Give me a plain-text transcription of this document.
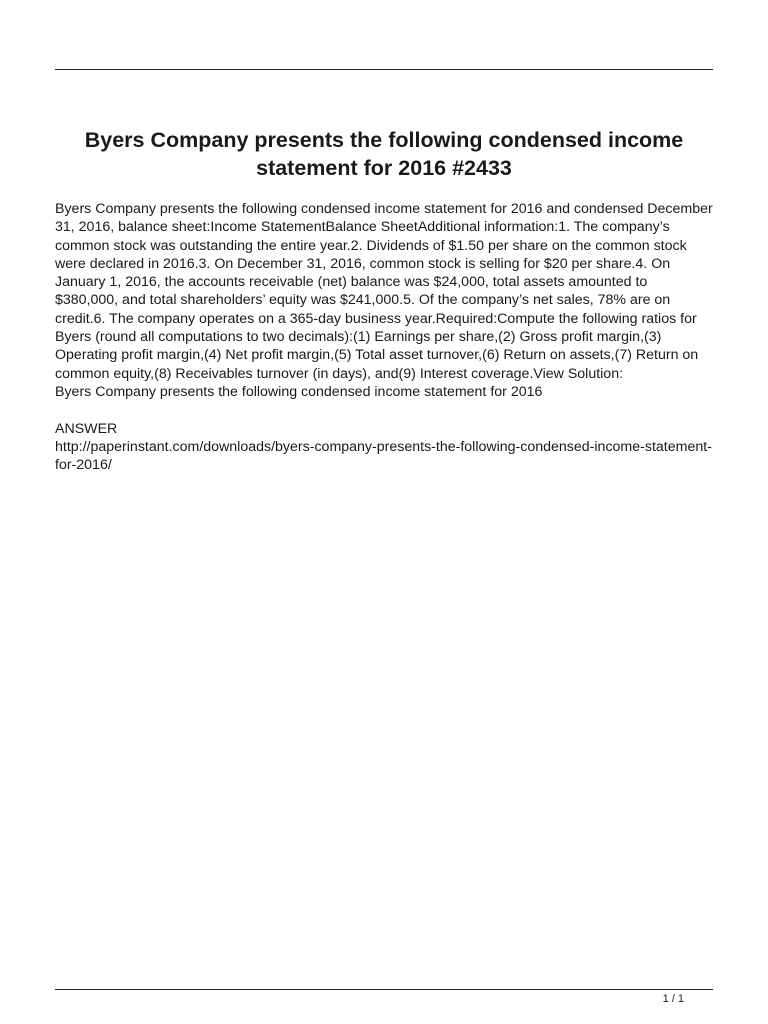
Byers Company presents the following condensed income statement for 2016 #2433

Byers Company presents the following condensed income statement for 2016 and condensed December 31, 2016, balance sheet:Income StatementBalance SheetAdditional information:1. The company’s common stock was outstanding the entire year.2. Dividends of $1.50 per share on the common stock were declared in 2016.3. On December 31, 2016, common stock is selling for $20 per share.4. On January 1, 2016, the accounts receivable (net) balance was $24,000, total assets amounted to $380,000, and total shareholders’ equity was $241,000.5. Of the company’s net sales, 78% are on credit.6. The company operates on a 365-day business year.Required:Compute the following ratios for Byers (round all computations to two decimals):(1) Earnings per share,(2) Gross profit margin,(3) Operating profit margin,(4) Net profit margin,(5) Total asset turnover,(6) Return on assets,(7) Return on common equity,(8) Receivables turnover (in days), and(9) Interest coverage.View Solution:

Byers Company presents the following condensed income statement for 2016

ANSWER

http://paperinstant.com/downloads/byers-company-presents-the-following-condensed-income-statement-for-2016/

1 / 1
